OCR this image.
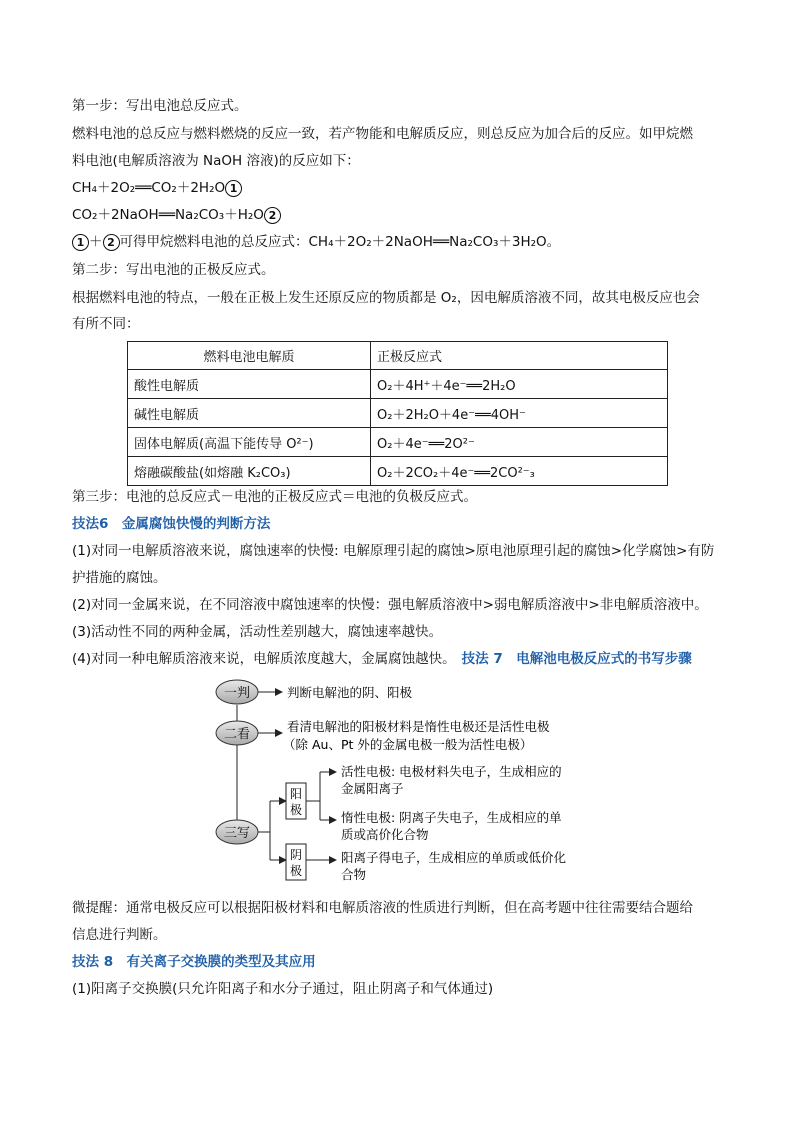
第一步：写出电池总反应式。
燃料电池的总反应与燃料燃烧的反应一致，若产物能和电解质反应，则总反应为加合后的反应。如甲烷燃
料电池(电解质溶液为 NaOH 溶液)的反应如下：
CH₄＋2O₂══CO₂＋2H₂O 1
CO₂＋2NaOH══Na₂CO₃＋H₂O 2
1 ＋ 2 可得甲烷燃料电池的总反应式：CH₄＋2O₂＋2NaOH══Na₂CO₃＋3H₂O。
第二步：写出电池的正极反应式。
根据燃料电池的特点，一般在正极上发生还原反应的物质都是 O₂，因电解质溶液不同，故其电极反应也会
有所不同：
燃料电池电解质	正极反应式
酸性电解质	O₂＋4H⁺＋4e⁻══2H₂O
碱性电解质	O₂＋2H₂O＋4e⁻══4OH⁻
固体电解质(高温下能传导 O²⁻)	O₂＋4e⁻══2O²⁻
熔融碳酸盐(如熔融 K₂CO₃)	O₂＋2CO₂＋4e⁻══2CO²⁻₃
第三步：电池的总反应式－电池的正极反应式＝电池的负极反应式。
技法6　金属腐蚀快慢的判断方法
(1)对同一电解质溶液来说，腐蚀速率的快慢: 电解原理引起的腐蚀>原电池原理引起的腐蚀>化学腐蚀>有防
护措施的腐蚀。
(2)对同一金属来说，在不同溶液中腐蚀速率的快慢：强电解质溶液中>弱电解质溶液中>非电解质溶液中。
(3)活动性不同的两种金属，活动性差别越大，腐蚀速率越快。
(4)对同一种电解质溶液来说，电解质浓度越大，金属腐蚀越快。 技法 7　电解池电极反应式的书写步骤
一判
二看
三写
阳
极
阴
极
判断电解池的阴、阳极
看清电解池的阳极材料是惰性电极还是活性电极
（除 Au、Pt 外的金属电极一般为活性电极）
活性电极: 电极材料失电子，生成相应的
金属阳离子
惰性电极: 阴离子失电子，生成相应的单
质或高价化合物
阳离子得电子，生成相应的单质或低价化
合物
微提醒：通常电极反应可以根据阳极材料和电解质溶液的性质进行判断，但在高考题中往往需要结合题给
信息进行判断。
技法 8　有关离子交换膜的类型及其应用
(1)阳离子交换膜(只允许阳离子和水分子通过，阻止阴离子和气体通过)
